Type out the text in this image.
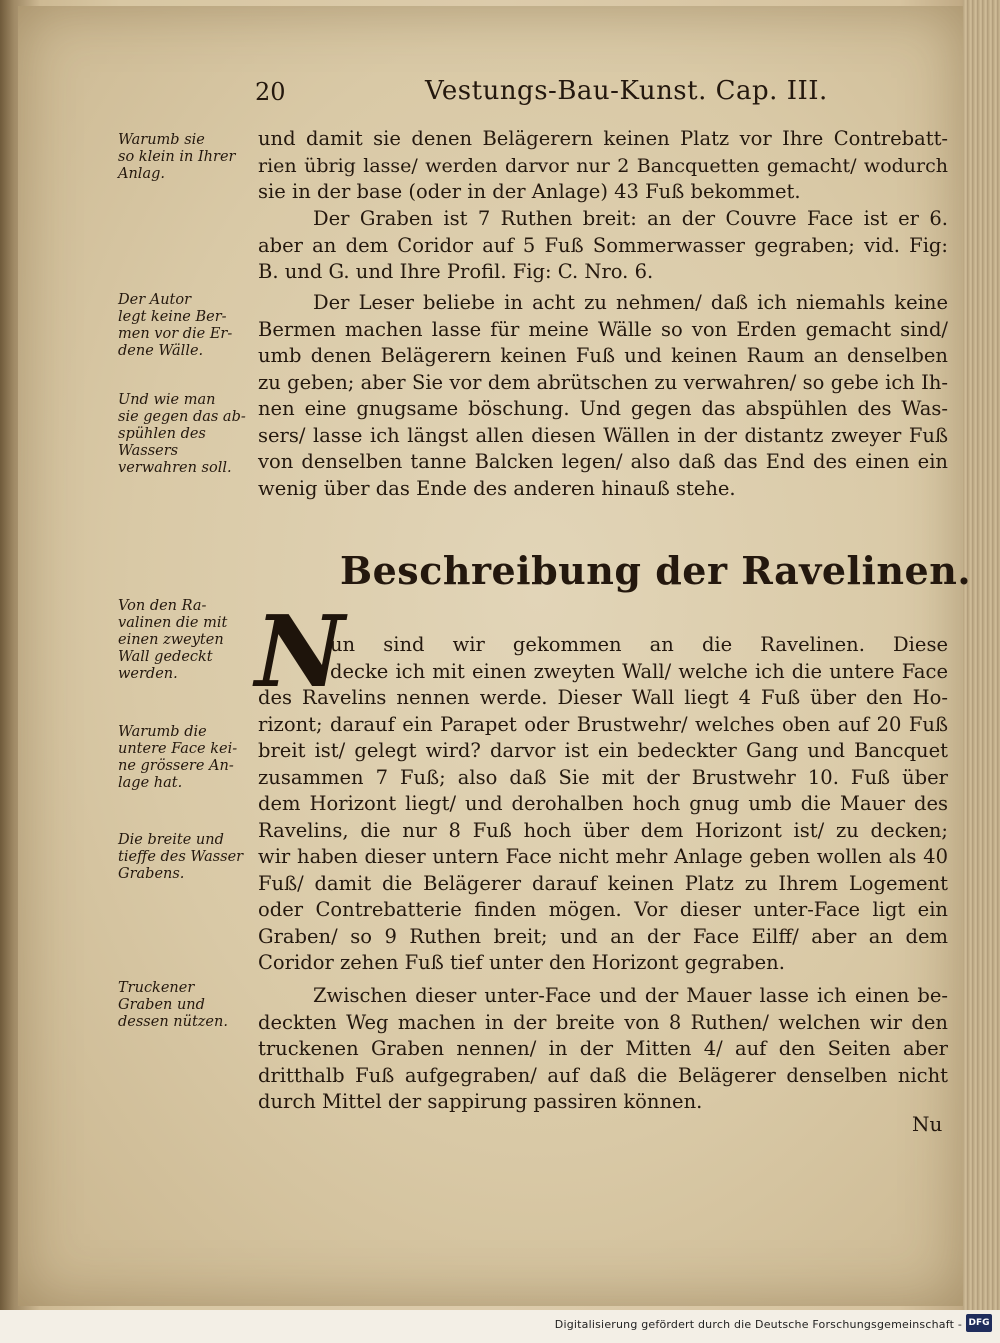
20	Vestungs-Bau-Kunst. Cap. III.
Warumb sie
so klein in Ihrer
Anlag.
Der Autor
legt keine Ber-
men vor die Er-
dene Wälle.
Und wie man
sie gegen das ab-
spühlen des
Wassers
verwahren soll.
Von den Ra-
valinen die mit
einen zweyten
Wall gedeckt
werden.
Warumb die
untere Face kei-
ne grössere An-
lage hat.
Die breite und
tieffe des Wasser
Grabens.
Truckener
Graben und
dessen nützen.
und damit sie denen Belägerern keinen Platz vor Ihre Contrebatt-
rien übrig lasse/ werden darvor nur 2 Bancquetten gemacht/ wodurch
sie in der base (oder in der Anlage) 43 Fuß bekommet.
Der Graben ist 7 Ruthen breit: an der Couvre Face ist er 6.
aber an dem Coridor auf 5 Fuß Sommerwasser gegraben; vid. Fig:
B. und G. und Ihre Profil. Fig: C. Nro. 6.
Der Leser beliebe in acht zu nehmen/ daß ich niemahls keine
Bermen machen lasse für meine Wälle so von Erden gemacht sind/
umb denen Belägerern keinen Fuß und keinen Raum an denselben
zu geben; aber Sie vor dem abrütschen zu verwahren/ so gebe ich Ih-
nen eine gnugsame böschung. Und gegen das abspühlen des Was-
sers/ lasse ich längst allen diesen Wällen in der distantz zweyer Fuß
von denselben tanne Balcken legen/ also daß das End des einen ein
wenig über das Ende des anderen hinauß stehe.
Beschreibung der Ravelinen.
N
un sind wir gekommen an die Ravelinen. Diese
decke ich mit einen zweyten Wall/ welche ich die untere Face
des Ravelins nennen werde. Dieser Wall liegt 4 Fuß über den Ho-
rizont; darauf ein Parapet oder Brustwehr/ welches oben auf 20 Fuß
breit ist/ gelegt wird? darvor ist ein bedeckter Gang und Bancquet
zusammen 7 Fuß; also daß Sie mit der Brustwehr 10. Fuß über
dem Horizont liegt/ und derohalben hoch gnug umb die Mauer des
Ravelins, die nur 8 Fuß hoch über dem Horizont ist/ zu decken;
wir haben dieser untern Face nicht mehr Anlage geben wollen als 40
Fuß/ damit die Belägerer darauf keinen Platz zu Ihrem Logement
oder Contrebatterie finden mögen. Vor dieser unter-Face ligt ein
Graben/ so 9 Ruthen breit; und an der Face Eilff/ aber an dem
Coridor zehen Fuß tief unter den Horizont gegraben.
Zwischen dieser unter-Face und der Mauer lasse ich einen be-
deckten Weg machen in der breite von 8 Ruthen/ welchen wir den
truckenen Graben nennen/ in der Mitten 4/ auf den Seiten aber
dritthalb Fuß aufgegraben/ auf daß die Belägerer denselben nicht
durch Mittel der sappirung passiren können.
Nu
Digitalisierung gefördert durch die Deutsche Forschungsgemeinschaft - DFG
